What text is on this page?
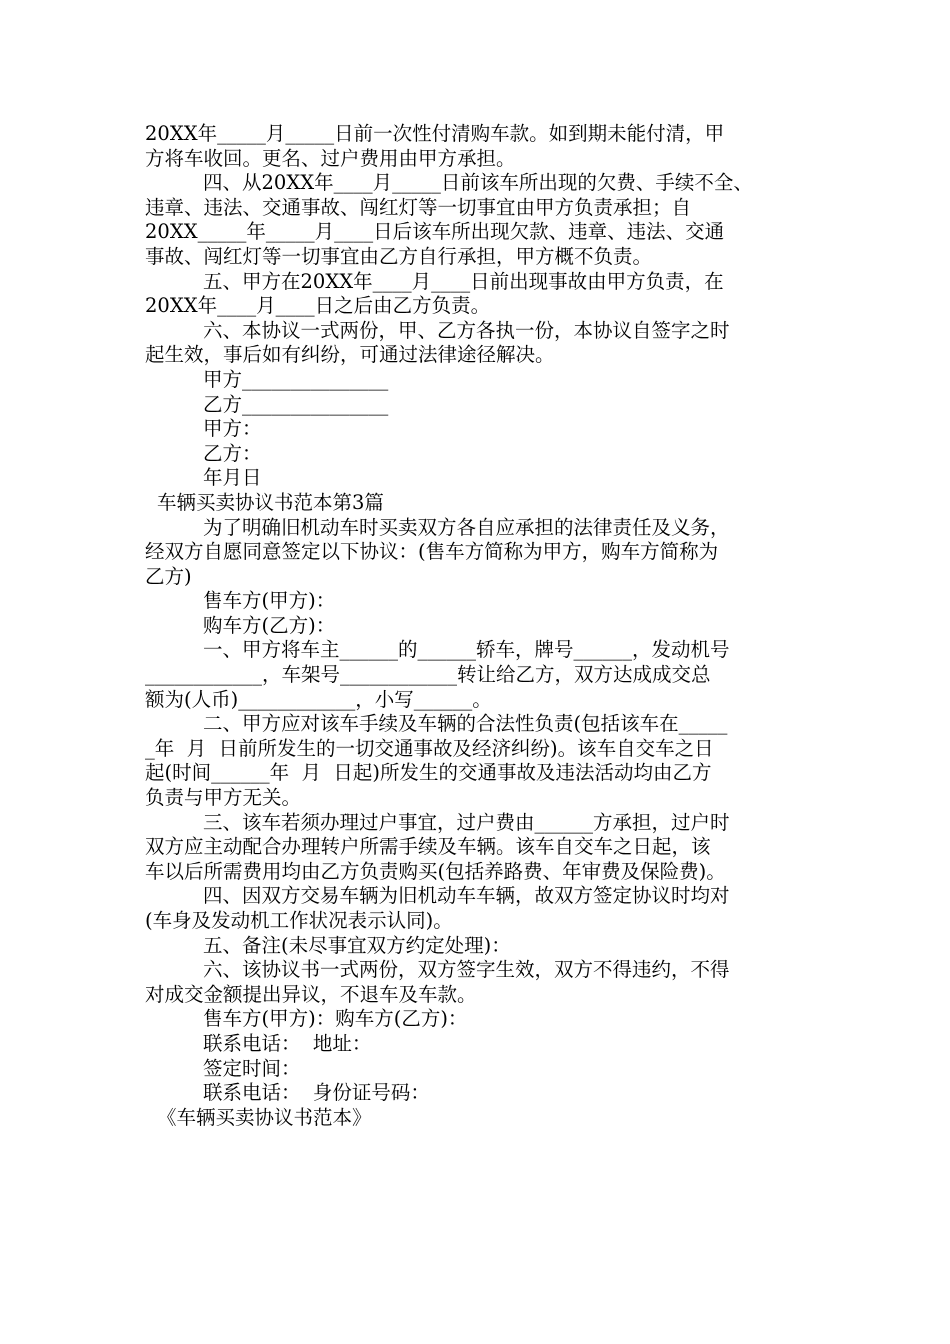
20XX年_____月_____日前一次性付清购车款。如到期未能付清，甲
方将车收回。更名、过户费用由甲方承担。
四、从20XX年____月_____日前该车所出现的欠费、手续不全、
违章、违法、交通事故、闯红灯等一切事宜由甲方负责承担；自
20XX_____年_____月____日后该车所出现欠款、违章、违法、交通
事故、闯红灯等一切事宜由乙方自行承担，甲方概不负责。
五、甲方在20XX年____月____日前出现事故由甲方负责，在
20XX年____月____日之后由乙方负责。
六、本协议一式两份，甲、乙方各执一份，本协议自签字之时
起生效，事后如有纠纷，可通过法律途径解决。
甲方_______________
乙方_______________
甲方：
乙方：
年月日
车辆买卖协议书范本第3篇
为了明确旧机动车时买卖双方各自应承担的法律责任及义务，
经双方自愿同意签定以下协议：(售车方简称为甲方，购车方简称为
乙方)
售车方(甲方)：
购车方(乙方)：
一、甲方将车主______的______轿车，牌号______，发动机号
____________，车架号____________转让给乙方，双方达成成交总
额为(人币)____________，小写______。
二、甲方应对该车手续及车辆的合法性负责(包括该车在_____
_年  月  日前所发生的一切交通事故及经济纠纷)。该车自交车之日
起(时间______年  月  日起)所发生的交通事故及违法活动均由乙方
负责与甲方无关。
三、该车若须办理过户事宜，过户费由______方承担，过户时
双方应主动配合办理转户所需手续及车辆。该车自交车之日起，该
车以后所需费用均由乙方负责购买(包括养路费、年审费及保险费)。
四、因双方交易车辆为旧机动车车辆，故双方签定协议时均对
(车身及发动机工作状况表示认同)。
五、备注(未尽事宜双方约定处理)：
六、该协议书一式两份，双方签字生效，双方不得违约，不得
对成交金额提出异议，不退车及车款。
售车方(甲方)：购车方(乙方)：
联系电话：  地址：
签定时间：
联系电话：  身份证号码：
《车辆买卖协议书范本》
